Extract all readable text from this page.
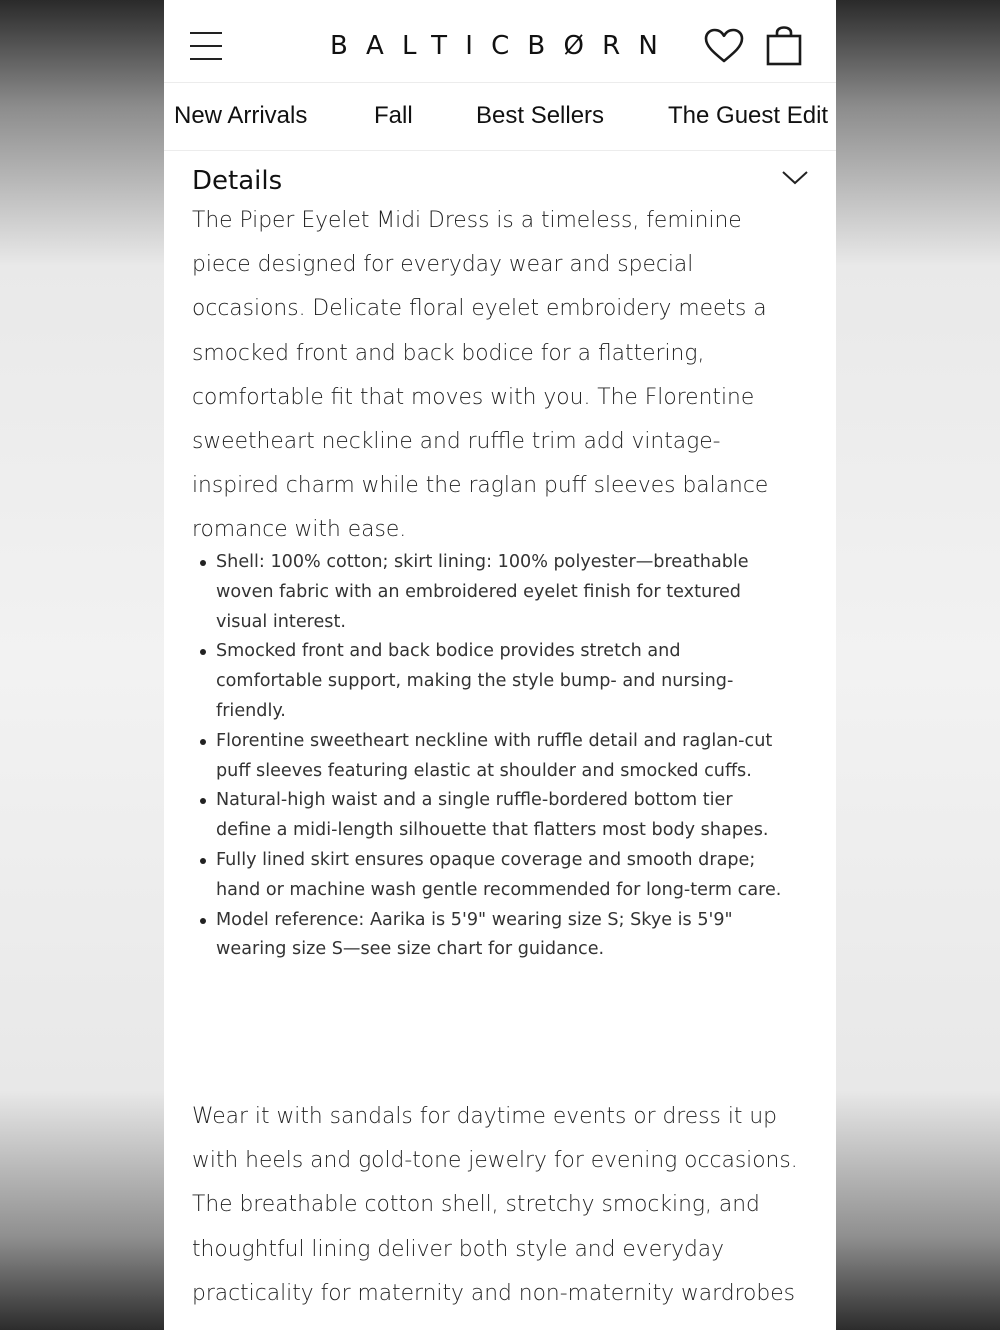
BALTICBØRN
New Arrivals	Fall	Best Sellers	The Guest Edit
Details

The Piper Eyelet Midi Dress is a timeless, feminine piece designed for everyday wear and special occasions. Delicate floral eyelet embroidery meets a smocked front and back bodice for a flattering, comfortable fit that moves with you. The Florentine sweetheart neckline and ruffle trim add vintage-inspired charm while the raglan puff sleeves balance romance with ease.

Shell: 100% cotton; skirt lining: 100% polyester—breathable woven fabric with an embroidered eyelet finish for textured visual interest.
Smocked front and back bodice provides stretch and comfortable support, making the style bump- and nursing-friendly.
Florentine sweetheart neckline with ruffle detail and raglan-cut puff sleeves featuring elastic at shoulder and smocked cuffs.
Natural-high waist and a single ruffle-bordered bottom tier define a midi-length silhouette that flatters most body shapes.
Fully lined skirt ensures opaque coverage and smooth drape; hand or machine wash gentle recommended for long-term care.
Model reference: Aarika is 5'9" wearing size S; Skye is 5'9" wearing size S—see size chart for guidance.

Wear it with sandals for daytime events or dress it up with heels and gold-tone jewelry for evening occasions. The breathable cotton shell, stretchy smocking, and thoughtful lining deliver both style and everyday practicality for maternity and non-maternity wardrobes
